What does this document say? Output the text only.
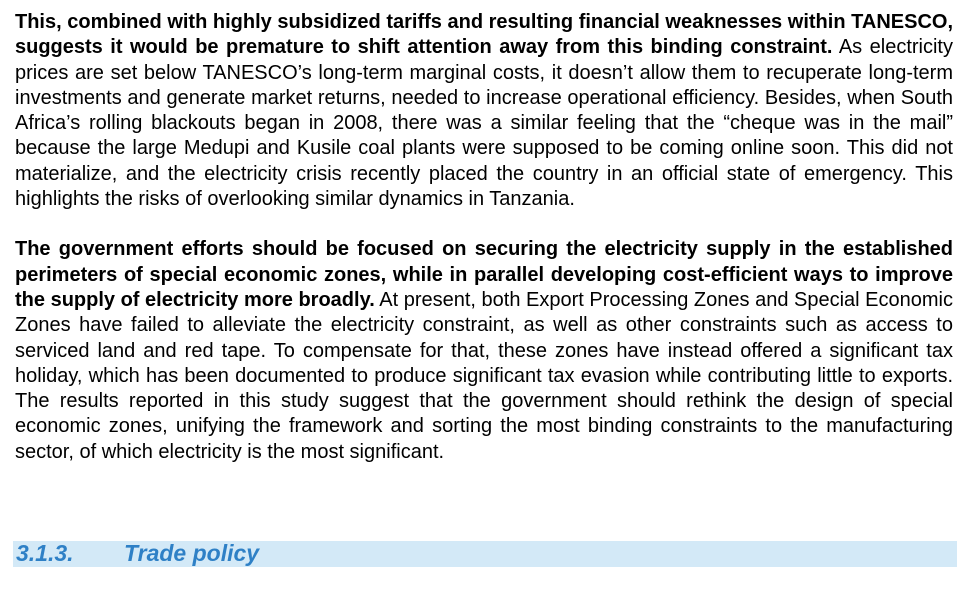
This, combined with highly subsidized tariffs and resulting financial weaknesses within TANESCO, suggests it would be premature to shift attention away from this binding constraint. As electricity prices are set below TANESCO’s long-term marginal costs, it doesn’t allow them to recuperate long-term investments and generate market returns, needed to increase operational efficiency. Besides, when South Africa’s rolling blackouts began in 2008, there was a similar feeling that the “cheque was in the mail” because the large Medupi and Kusile coal plants were supposed to be coming online soon. This did not materialize, and the electricity crisis recently placed the country in an official state of emergency. This highlights the risks of overlooking similar dynamics in Tanzania.

The government efforts should be focused on securing the electricity supply in the established perimeters of special economic zones, while in parallel developing cost-efficient ways to improve the supply of electricity more broadly. At present, both Export Processing Zones and Special Economic Zones have failed to alleviate the electricity constraint, as well as other constraints such as access to serviced land and red tape. To compensate for that, these zones have instead offered a significant tax holiday, which has been documented to produce significant tax evasion while contributing little to exports. The results reported in this study suggest that the government should rethink the design of special economic zones, unifying the framework and sorting the most binding constraints to the manufacturing sector, of which electricity is the most significant.

3.1.3. Trade policy
